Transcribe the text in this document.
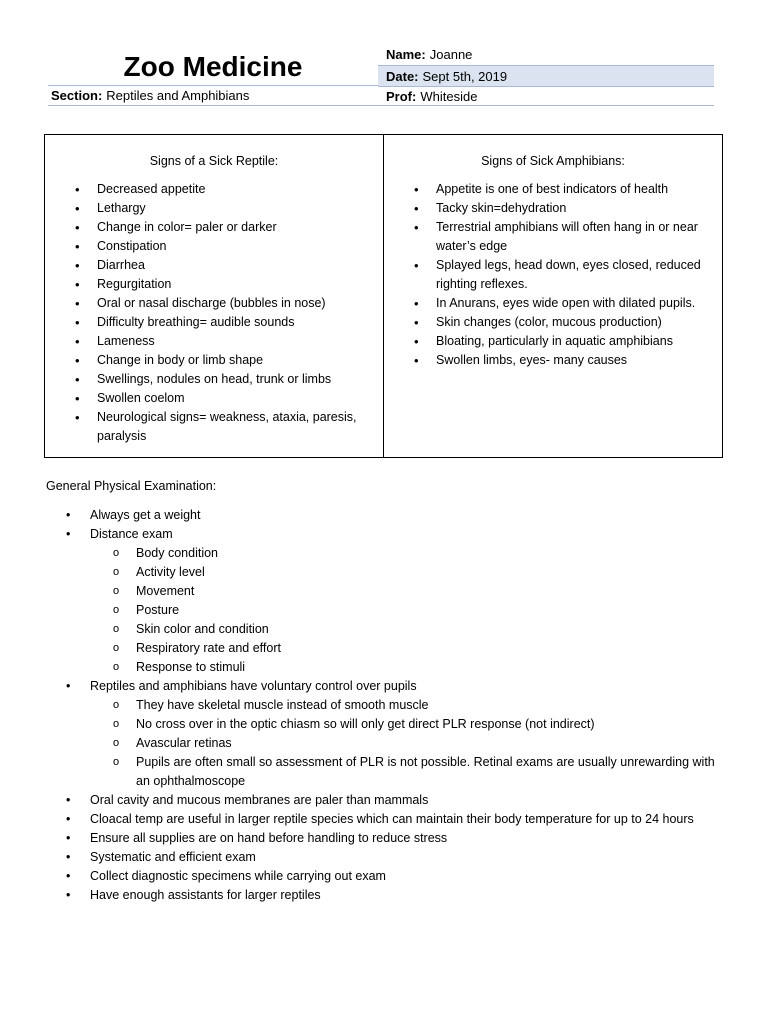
Zoo Medicine	Name: Joanne
Date: Sept 5th, 2019
Section: Reptiles and Amphibians	Prof: Whiteside
Signs of a Sick Reptile:
• Decreased appetite
• Lethargy
• Change in color= paler or darker
• Constipation
• Diarrhea
• Regurgitation
• Oral or nasal discharge (bubbles in nose)
• Difficulty breathing= audible sounds
• Lameness
• Change in body or limb shape
• Swellings, nodules on head, trunk or limbs
• Swollen coelom
• Neurological signs= weakness, ataxia, paresis, paralysis
Signs of Sick Amphibians:
• Appetite is one of best indicators of health
• Tacky skin=dehydration
• Terrestrial amphibians will often hang in or near water’s edge
• Splayed legs, head down, eyes closed, reduced righting reflexes.
• In Anurans, eyes wide open with dilated pupils.
• Skin changes (color, mucous production)
• Bloating, particularly in aquatic amphibians
• Swollen limbs, eyes- many causes
General Physical Examination:
• Always get a weight
• Distance exam
o Body condition
o Activity level
o Movement
o Posture
o Skin color and condition
o Respiratory rate and effort
o Response to stimuli
• Reptiles and amphibians have voluntary control over pupils
o They have skeletal muscle instead of smooth muscle
o No cross over in the optic chiasm so will only get direct PLR response (not indirect)
o Avascular retinas
o Pupils are often small so assessment of PLR is not possible. Retinal exams are usually unrewarding with an ophthalmoscope
• Oral cavity and mucous membranes are paler than mammals
• Cloacal temp are useful in larger reptile species which can maintain their body temperature for up to 24 hours
• Ensure all supplies are on hand before handling to reduce stress
• Systematic and efficient exam
• Collect diagnostic specimens while carrying out exam
• Have enough assistants for larger reptiles
